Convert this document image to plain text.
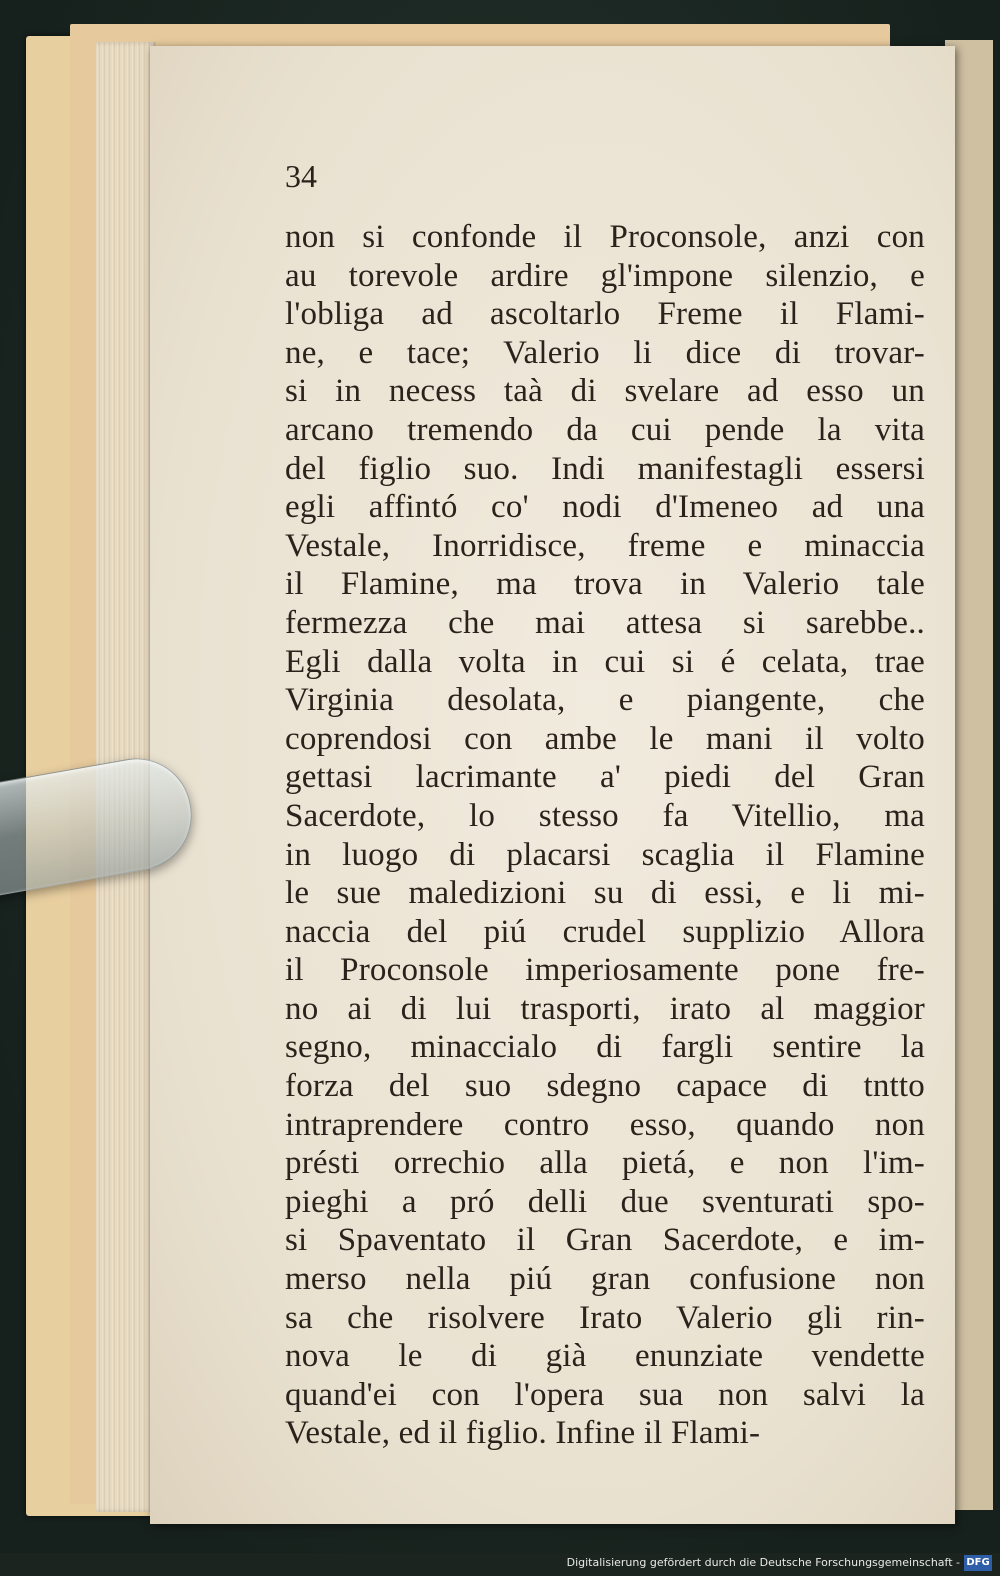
34
non si confonde il Proconsole, anzi con
au torevole ardire gl'impone silenzio, e
l'obliga ad ascoltarlo Freme il Flami-
ne, e tace; Valerio li dice di trovar-
si in necess taà di svelare ad esso un
arcano tremendo da cui pende la vita
del figlio suo. Indi manifestagli essersi
egli affintó co' nodi d'Imeneo ad una
Vestale, Inorridisce, freme e minaccia
il Flamine, ma trova in Valerio tale
fermezza che mai attesa si sarebbe..
Egli dalla volta in cui si é celata, trae
Virginia desolata, e piangente, che
coprendosi con ambe le mani il volto
gettasi lacrimante a' piedi del Gran
Sacerdote, lo stesso fa Vitellio, ma
in luogo di placarsi scaglia il Flamine
le sue maledizioni su di essi, e li mi-
naccia del piú crudel supplizio Allora
il Proconsole imperiosamente pone fre-
no ai di lui trasporti, irato al maggior
segno, minaccialo di fargli sentire la
forza del suo sdegno capace di tntto
intraprendere contro esso, quando non
présti orrechio alla pietá, e non l'im-
pieghi a pró delli due sventurati spo-
si Spaventato il Gran Sacerdote, e im-
merso nella piú gran confusione non
sa che risolvere Irato Valerio gli rin-
nova le di già enunziate vendette
quand'ei con l'opera sua non salvi la
Vestale, ed il figlio. Infine il Flami-
Digitalisierung gefördert durch die Deutsche Forschungsgemeinschaft - DFG
